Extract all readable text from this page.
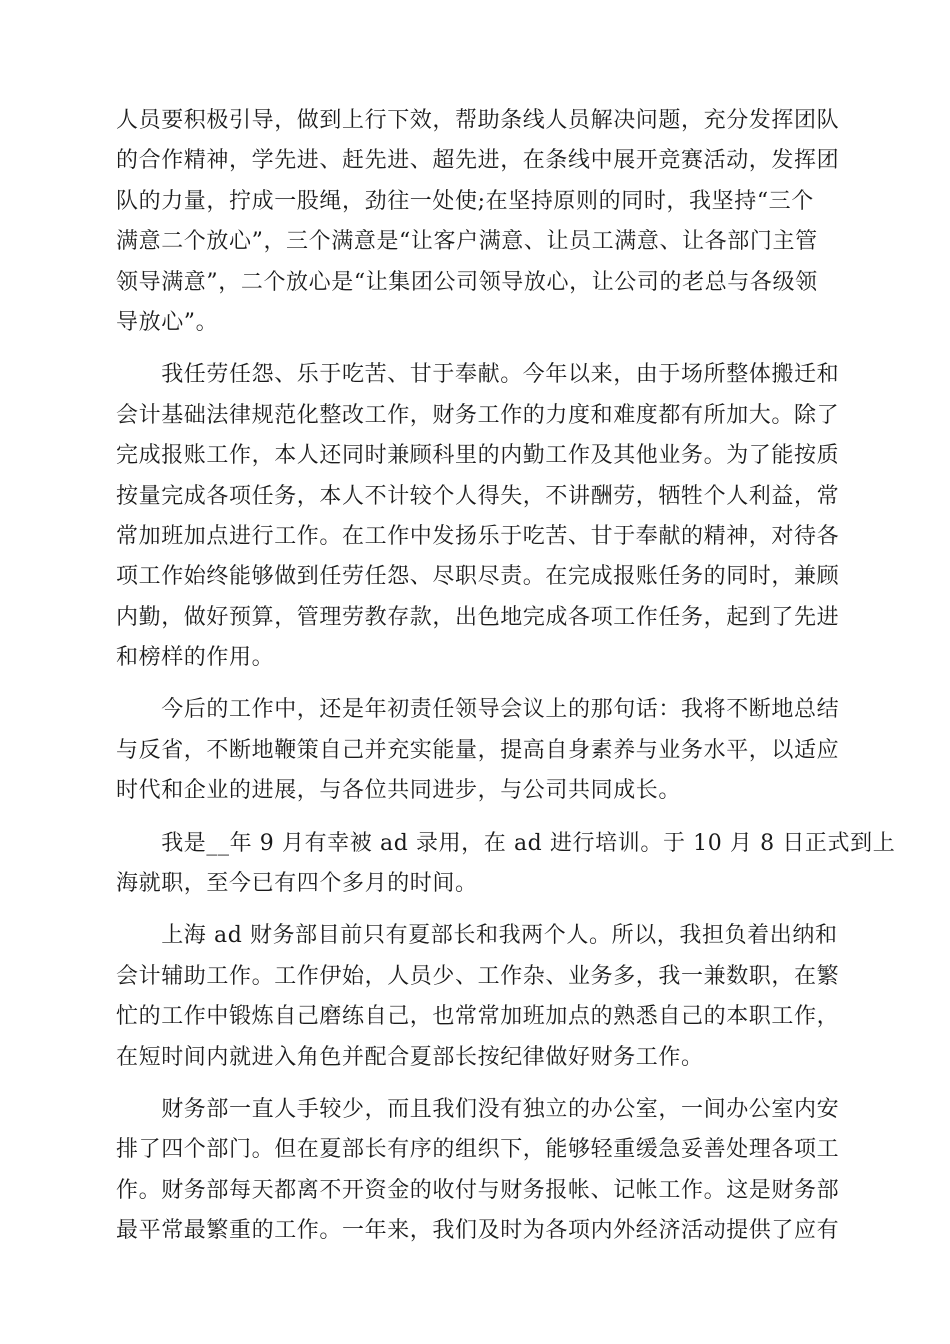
人员要积极引导，做到上行下效，帮助条线人员解决问题，充分发挥团队
的合作精神，学先进、赶先进、超先进，在条线中展开竞赛活动，发挥团
队的力量，拧成一股绳，劲往一处使;在坚持原则的同时，我坚持“三个
满意二个放心”，三个满意是“让客户满意、让员工满意、让各部门主管
领导满意”，二个放心是“让集团公司领导放心，让公司的老总与各级领
导放心”。
　　我任劳任怨、乐于吃苦、甘于奉献。今年以来，由于场所整体搬迁和
会计基础法律规范化整改工作，财务工作的力度和难度都有所加大。除了
完成报账工作，本人还同时兼顾科里的内勤工作及其他业务。为了能按质
按量完成各项任务，本人不计较个人得失，不讲酬劳，牺牲个人利益，常
常加班加点进行工作。在工作中发扬乐于吃苦、甘于奉献的精神，对待各
项工作始终能够做到任劳任怨、尽职尽责。在完成报账任务的同时，兼顾
内勤，做好预算，管理劳教存款，出色地完成各项工作任务，起到了先进
和榜样的作用。
　　今后的工作中，还是年初责任领导会议上的那句话：我将不断地总结
与反省，不断地鞭策自己并充实能量，提高自身素养与业务水平，以适应
时代和企业的进展，与各位共同进步，与公司共同成长。
　　我是__年 9 月有幸被 ad 录用，在 ad 进行培训。于 10 月 8 日正式到上
海就职，至今已有四个多月的时间。
　　上海 ad 财务部目前只有夏部长和我两个人。所以，我担负着出纳和
会计辅助工作。工作伊始，人员少、工作杂、业务多，我一兼数职，在繁
忙的工作中锻炼自己磨练自己，也常常加班加点的熟悉自己的本职工作，
在短时间内就进入角色并配合夏部长按纪律做好财务工作。
　　财务部一直人手较少，而且我们没有独立的办公室，一间办公室内安
排了四个部门。但在夏部长有序的组织下，能够轻重缓急妥善处理各项工
作。财务部每天都离不开资金的收付与财务报帐、记帐工作。这是财务部
最平常最繁重的工作。一年来，我们及时为各项内外经济活动提供了应有
